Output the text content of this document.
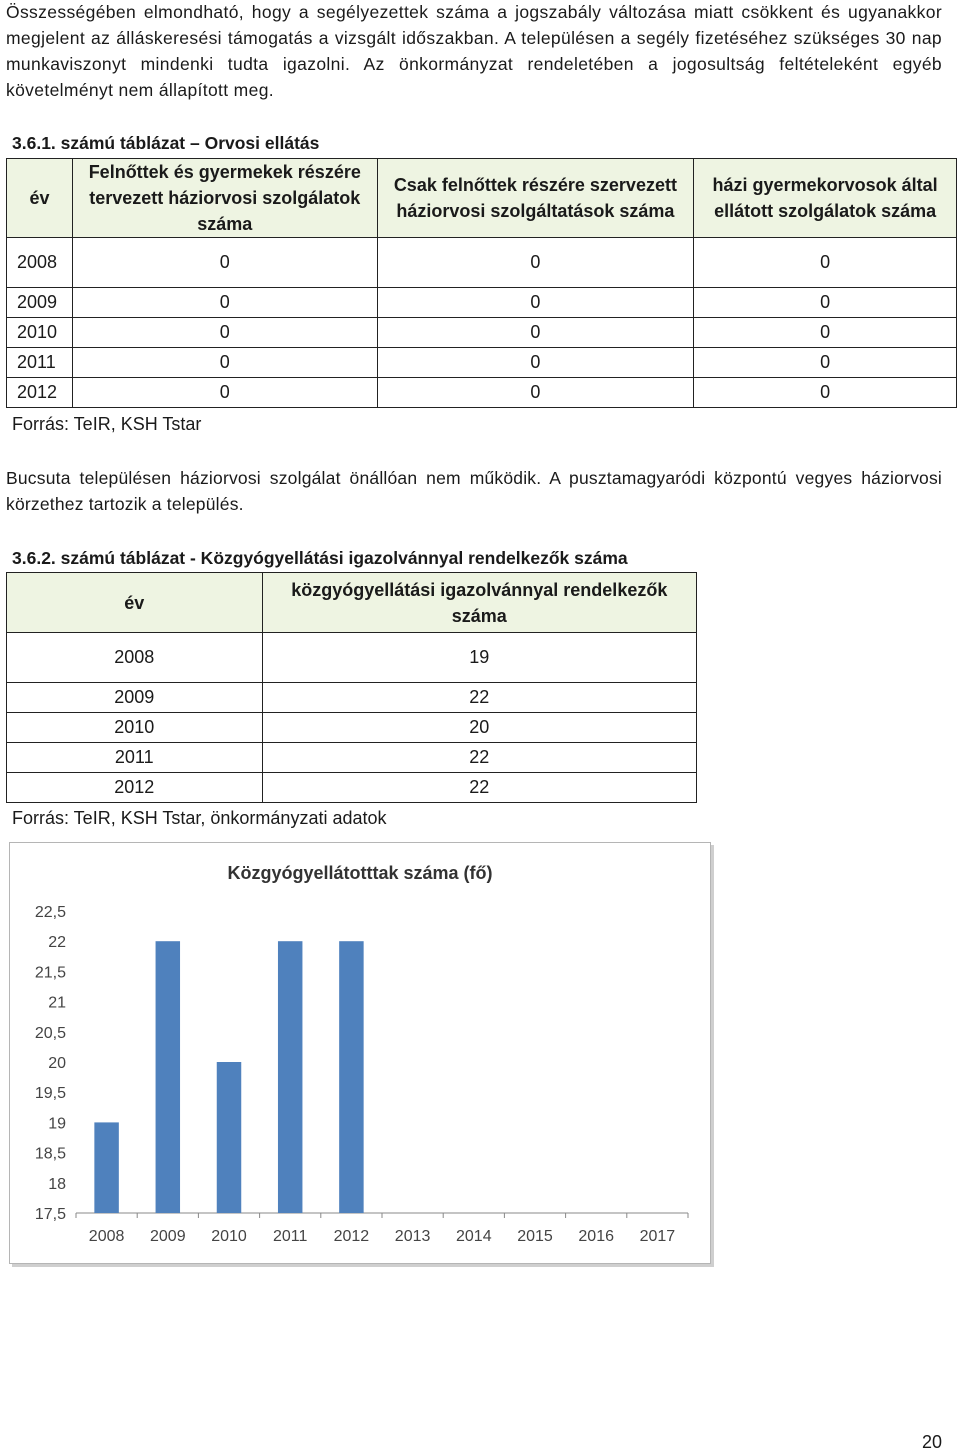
Összességében elmondható, hogy a segélyezettek száma a jogszabály változása miatt csökkent és ugyanakkor megjelent az álláskeresési támogatás a vizsgált időszakban. A településen a segély fizetéséhez szükséges 30 nap munkaviszonyt mindenki tudta igazolni. Az önkormányzat rendeletében a jogosultság feltételeként egyéb követelményt nem állapított meg.
3.6.1. számú táblázat – Orvosi ellátás
év	Felnőttek és gyermekek részére tervezett háziorvosi szolgálatok száma	Csak felnőttek részére szervezett háziorvosi szolgáltatások száma	házi gyermekorvosok által ellátott szolgálatok száma
2008	0	0	0
2009	0	0	0
2010	0	0	0
2011	0	0	0
2012	0	0	0
Forrás: TeIR, KSH Tstar
Bucsuta településen háziorvosi szolgálat önállóan nem működik. A pusztamagyaródi központú vegyes háziorvosi körzethez tartozik a település.
3.6.2. számú táblázat - Közgyógyellátási igazolvánnyal rendelkezők száma
év	közgyógyellátási igazolvánnyal rendelkezők száma
2008	19
2009	22
2010	20
2011	22
2012	22
Forrás: TeIR, KSH Tstar, önkormányzati adatok
Közgyógyellátotttak száma (fő)
17,5
18
18,5
19
19,5
20
20,5
21
21,5
22
22,5
2008 2009 2010 2011 2012 2013 2014 2015 2016 2017
20
